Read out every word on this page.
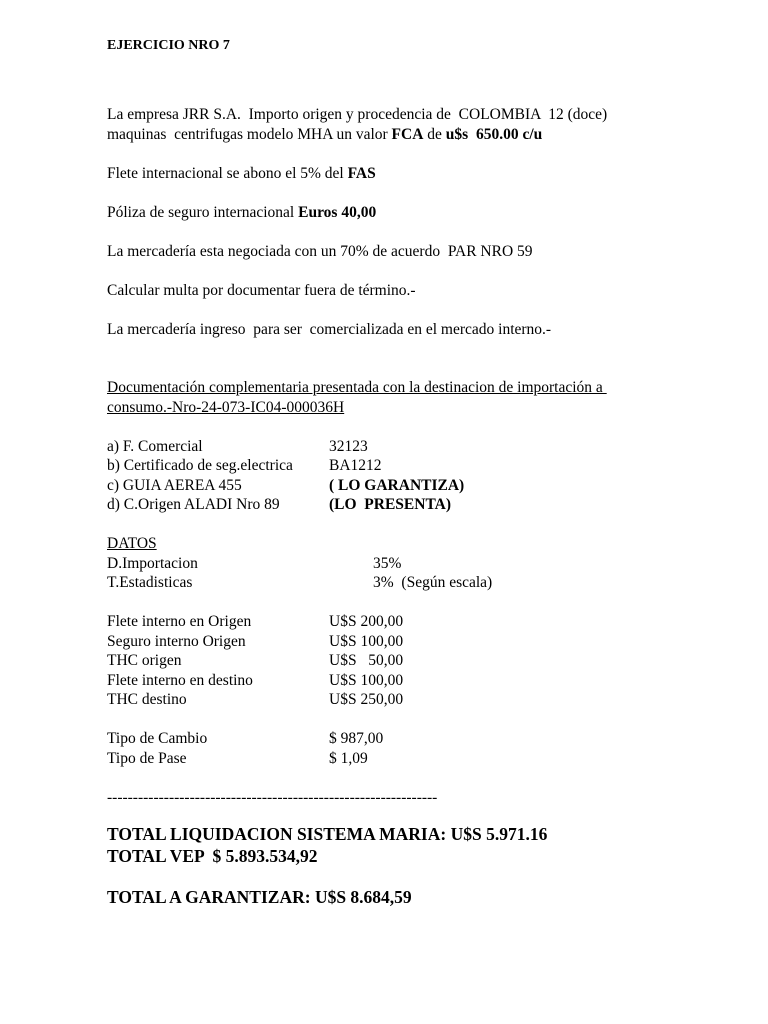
EJERCICIO NRO 7
La empresa JRR S.A.  Importo origen y procedencia de  COLOMBIA  12 (doce)
maquinas  centrifugas modelo MHA un valor FCA de u$s  650.00 c/u
Flete internacional se abono el 5% del FAS
Póliza de seguro internacional Euros 40,00
La mercadería esta negociada con un 70% de acuerdo  PAR NRO 59
Calcular multa por documentar fuera de término.-
La mercadería ingreso  para ser  comercializada en el mercado interno.-
Documentación complementaria presentada con la destinacion de importación a
consumo.-Nro-24-073-IC04-000036H
a) F. Comercial	32123
b) Certificado de seg.electrica	BA1212
c) GUIA AEREA 455	( LO GARANTIZA)
d) C.Origen ALADI Nro 89	(LO  PRESENTA)
DATOS
D.Importacion	35%
T.Estadisticas	3%  (Según escala)
Flete interno en Origen	U$S 200,00
Seguro interno Origen	U$S 100,00
THC origen	U$S   50,00
Flete interno en destino	U$S 100,00
THC destino	U$S 250,00
Tipo de Cambio	$ 987,00
Tipo de Pase	$ 1,09
----------------------------------------------------------------
TOTAL LIQUIDACION SISTEMA MARIA: U$S 5.971.16
TOTAL VEP  $ 5.893.534,92
TOTAL A GARANTIZAR: U$S 8.684,59
